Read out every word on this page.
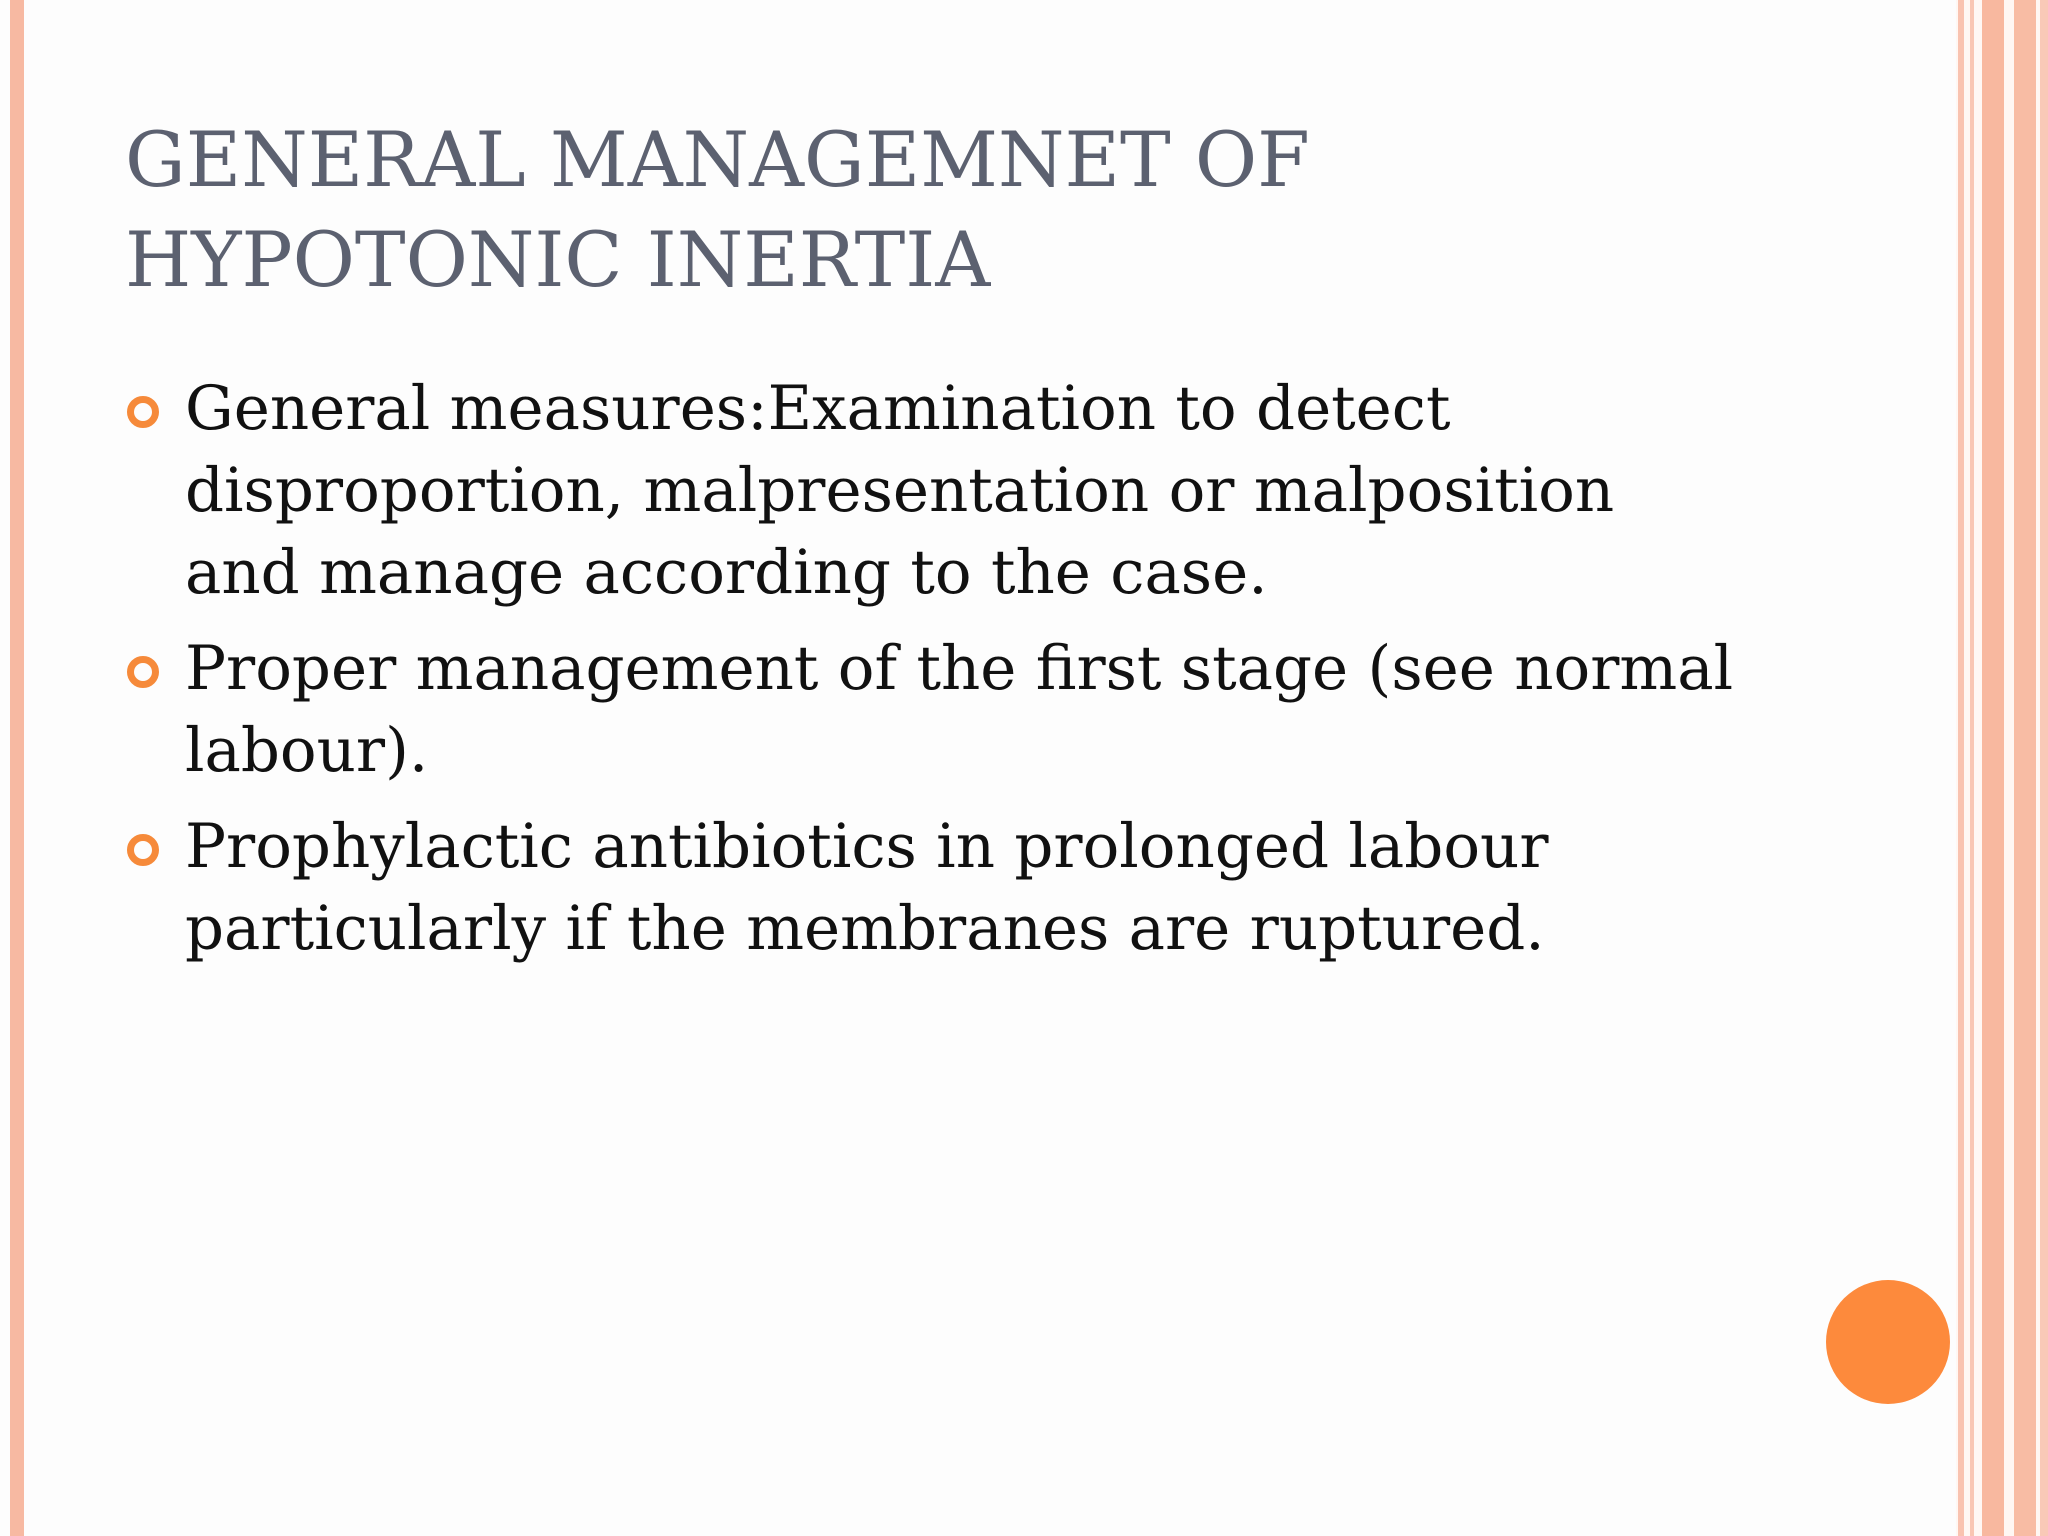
GENERAL MANAGEMNET OF
HYPOTONIC INERTIA
General measures:Examination to detect
disproportion, malpresentation or malposition
and manage according to the case.
Proper management of the first stage (see normal
labour).
Prophylactic antibiotics in prolonged labour
particularly if the membranes are ruptured.
